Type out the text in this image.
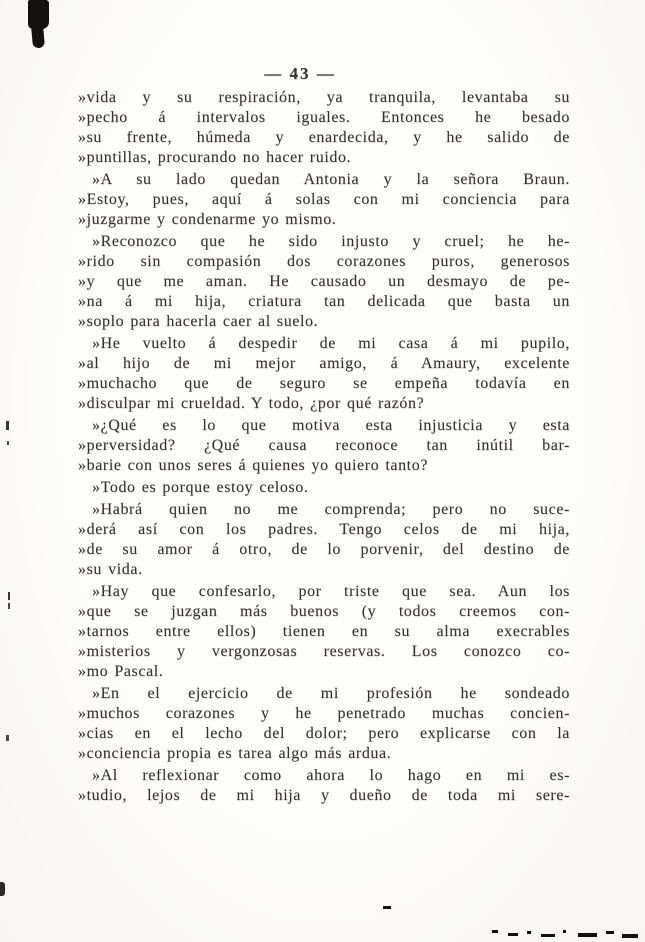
— 43 —
»vida y su respiración, ya tranquila, levantaba su
»pecho á intervalos iguales. Entonces he besado
»su frente, húmeda y enardecida, y he salido de
»puntillas, procurando no hacer ruido.
»A su lado quedan Antonia y la señora Braun.
»Estoy, pues, aquí á solas con mi conciencia para
»juzgarme y condenarme yo mismo.
»Reconozco que he sido injusto y cruel; he he-
»rido sin compasión dos corazones puros, generosos
»y que me aman. He causado un desmayo de pe-
»na á mi hija, criatura tan delicada que basta un
»soplo para hacerla caer al suelo.
»He vuelto á despedir de mi casa á mi pupilo,
»al hijo de mi mejor amigo, á Amaury, excelente
»muchacho que de seguro se empeña todavía en
»disculpar mi crueldad. Y todo, ¿por qué razón?
»¿Qué es lo que motiva esta injusticia y esta
»perversidad? ¿Qué causa reconoce tan inútil bar-
»barie con unos seres á quienes yo quiero tanto?
»Todo es porque estoy celoso.
»Habrá quien no me comprenda; pero no suce-
»derá así con los padres. Tengo celos de mi hija,
»de su amor á otro, de lo porvenir, del destino de
»su vida.
»Hay que confesarlo, por triste que sea. Aun los
»que se juzgan más buenos (y todos creemos con-
»tarnos entre ellos) tienen en su alma execrables
»misterios y vergonzosas reservas. Los conozco co-
»mo Pascal.
»En el ejercicio de mi profesión he sondeado
»muchos corazones y he penetrado muchas concien-
»cias en el lecho del dolor; pero explicarse con la
»conciencia propia es tarea algo más ardua.
»Al reflexionar como ahora lo hago en mi es-
»tudio, lejos de mi hija y dueño de toda mi sere-
